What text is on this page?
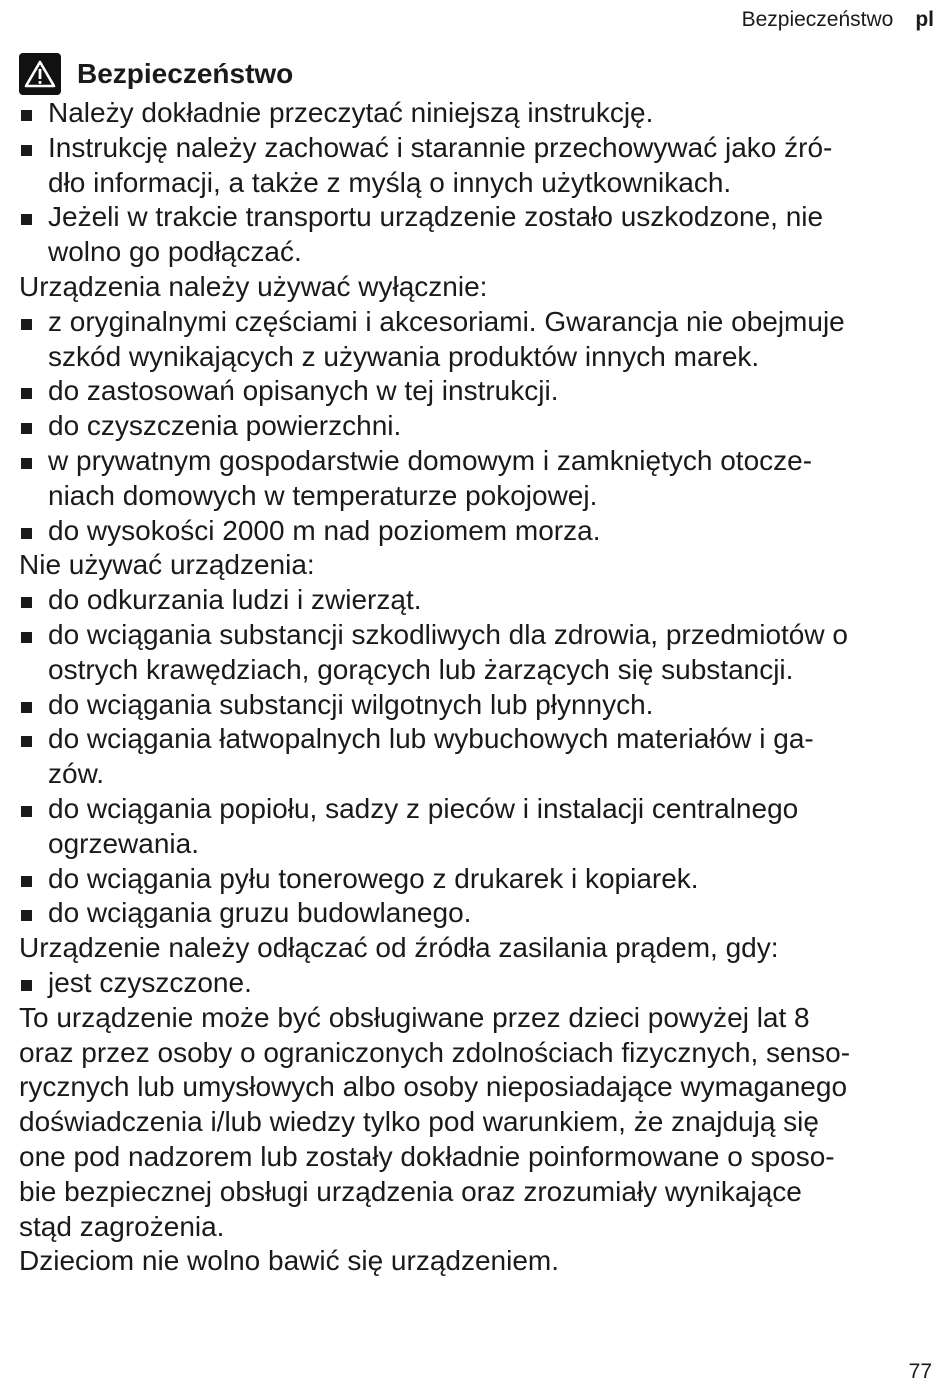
Bezpieczeństwo pl
Bezpieczeństwo
Należy dokładnie przeczytać niniejszą instrukcję.
Instrukcję należy zachować i starannie przechowywać jako źró-
dło informacji, a także z myślą o innych użytkownikach.
Jeżeli w trakcie transportu urządzenie zostało uszkodzone, nie
wolno go podłączać.
Urządzenia należy używać wyłącznie:
z oryginalnymi częściami i akcesoriami. Gwarancja nie obejmuje
szkód wynikających z używania produktów innych marek.
do zastosowań opisanych w tej instrukcji.
do czyszczenia powierzchni.
w prywatnym gospodarstwie domowym i zamkniętych otocze-
niach domowych w temperaturze pokojowej.
do wysokości 2000 m nad poziomem morza.
Nie używać urządzenia:
do odkurzania ludzi i zwierząt.
do wciągania substancji szkodliwych dla zdrowia, przedmiotów o
ostrych krawędziach, gorących lub żarzących się substancji.
do wciągania substancji wilgotnych lub płynnych.
do wciągania łatwopalnych lub wybuchowych materiałów i ga-
zów.
do wciągania popiołu, sadzy z pieców i instalacji centralnego
ogrzewania.
do wciągania pyłu tonerowego z drukarek i kopiarek.
do wciągania gruzu budowlanego.
Urządzenie należy odłączać od źródła zasilania prądem, gdy:
jest czyszczone.
To urządzenie może być obsługiwane przez dzieci powyżej lat 8
oraz przez osoby o ograniczonych zdolnościach fizycznych, senso-
rycznych lub umysłowych albo osoby nieposiadające wymaganego
doświadczenia i/lub wiedzy tylko pod warunkiem, że znajdują się
one pod nadzorem lub zostały dokładnie poinformowane o sposo-
bie bezpiecznej obsługi urządzenia oraz zrozumiały wynikające
stąd zagrożenia.
Dzieciom nie wolno bawić się urządzeniem.
77
